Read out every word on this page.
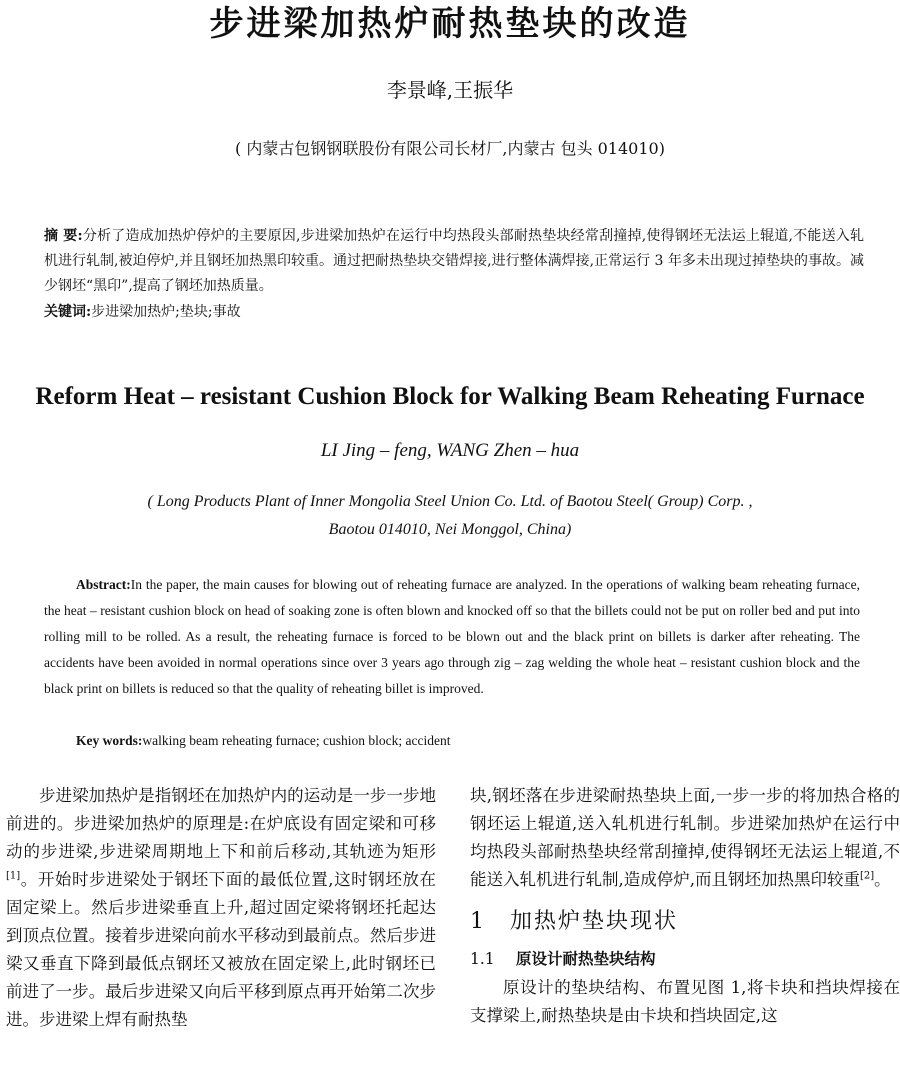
步进梁加热炉耐热垫块的改造
李景峰,王振华
( 内蒙古包钢钢联股份有限公司长材厂,内蒙古 包头 014010)
摘 要:分析了造成加热炉停炉的主要原因,步进梁加热炉在运行中均热段头部耐热垫块经常刮撞掉,使得钢坯无法运上辊道,不能送入轧机进行轧制,被迫停炉,并且钢坯加热黑印较重。通过把耐热垫块交错焊接,进行整体满焊接,正常运行 3 年多未出现过掉垫块的事故。减少钢坯“黑印”,提高了钢坯加热质量。
关键词:步进梁加热炉;垫块;事故
Reform Heat – resistant Cushion Block for Walking Beam Reheating Furnace
LI Jing – feng, WANG Zhen – hua
( Long Products Plant of Inner Mongolia Steel Union Co. Ltd. of Baotou Steel( Group) Corp. ,
Baotou 014010, Nei Monggol, China)
Abstract:In the paper, the main causes for blowing out of reheating furnace are analyzed. In the operations of walking beam reheating furnace, the heat – resistant cushion block on head of soaking zone is often blown and knocked off so that the billets could not be put on roller bed and put into rolling mill to be rolled. As a result, the reheating furnace is forced to be blown out and the black print on billets is darker after reheating. The accidents have been avoided in normal operations since over 3 years ago through zig – zag welding the whole heat – resistant cushion block and the black print on billets is reduced so that the quality of reheating billet is improved.
Key words:walking beam reheating furnace; cushion block; accident

步进梁加热炉是指钢坯在加热炉内的运动是一步一步地前进的。步进梁加热炉的原理是:在炉底设有固定梁和可移动的步进梁,步进梁周期地上下和前后移动,其轨迹为矩形[1]。开始时步进梁处于钢坯下面的最低位置,这时钢坯放在固定梁上。然后步进梁垂直上升,超过固定梁将钢坯托起达到顶点位置。接着步进梁向前水平移动到最前点。然后步进梁又垂直下降到最低点钢坯又被放在固定梁上,此时钢坯已前进了一步。最后步进梁又向后平移到原点再开始第二次步进。步进梁上焊有耐热垫

块,钢坯落在步进梁耐热垫块上面,一步一步的将加热合格的钢坯运上辊道,送入轧机进行轧制。步进梁加热炉在运行中均热段头部耐热垫块经常刮撞掉,使得钢坯无法运上辊道,不能送入轧机进行轧制,造成停炉,而且钢坯加热黑印较重[2]。

1 加热炉垫块现状
1.1 原设计耐热垫块结构

原设计的垫块结构、布置见图 1,将卡块和挡块焊接在支撑梁上,耐热垫块是由卡块和挡块固定,这
